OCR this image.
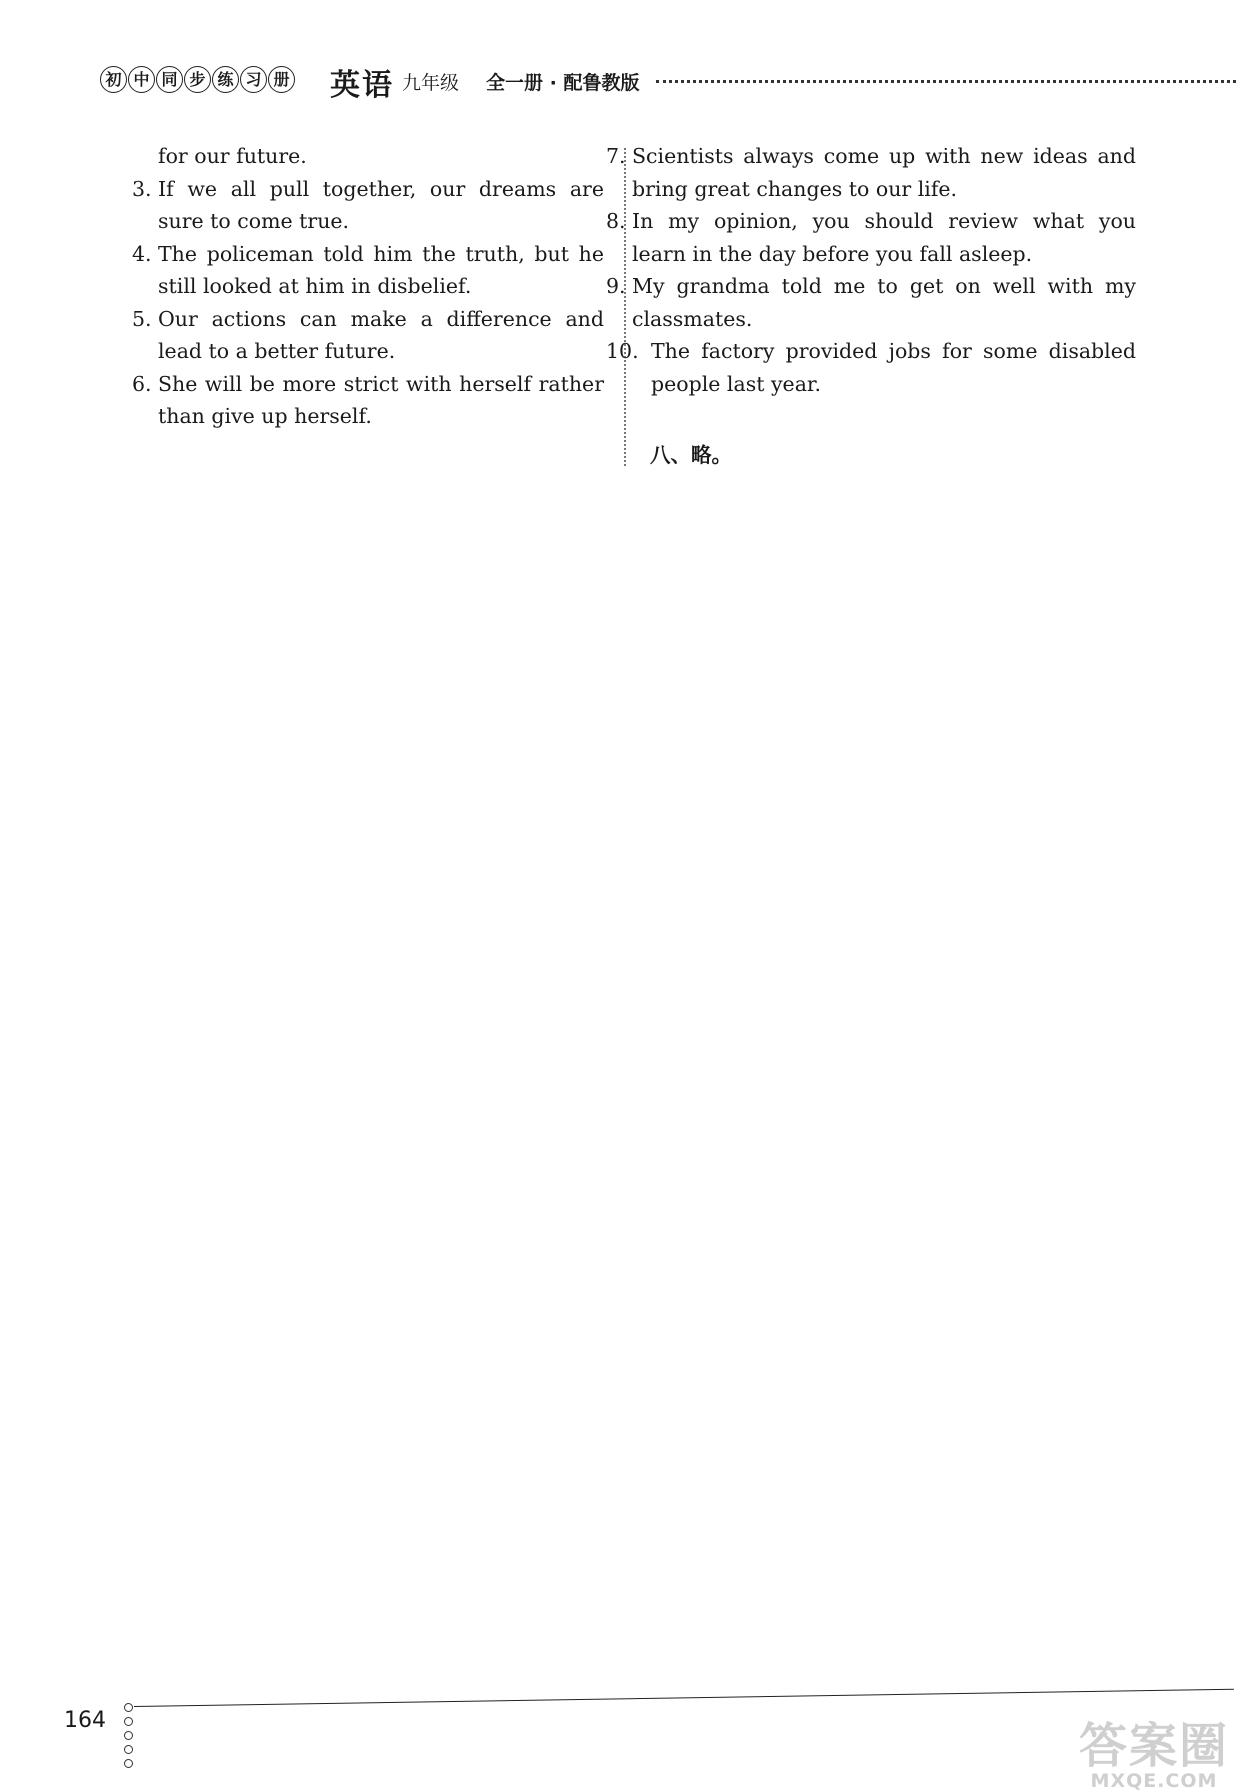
初 中 同 步 练 习 册 英语 九年级 全一册 · 配鲁教版
for our future.
3. If we all pull together, our dreams are sure to come true.
4. The policeman told him the truth, but he still looked at him in disbelief.
5. Our actions can make a difference and lead to a better future.
6. She will be more strict with herself rather than give up herself.
7. Scientists always come up with new ideas and bring great changes to our life.
8. In my opinion, you should review what you learn in the day before you fall asleep.
9. My grandma told me to get on well with my classmates.
10. The factory provided jobs for some disabled people last year.
八、略。
164	答案圈
MXQE.COM
